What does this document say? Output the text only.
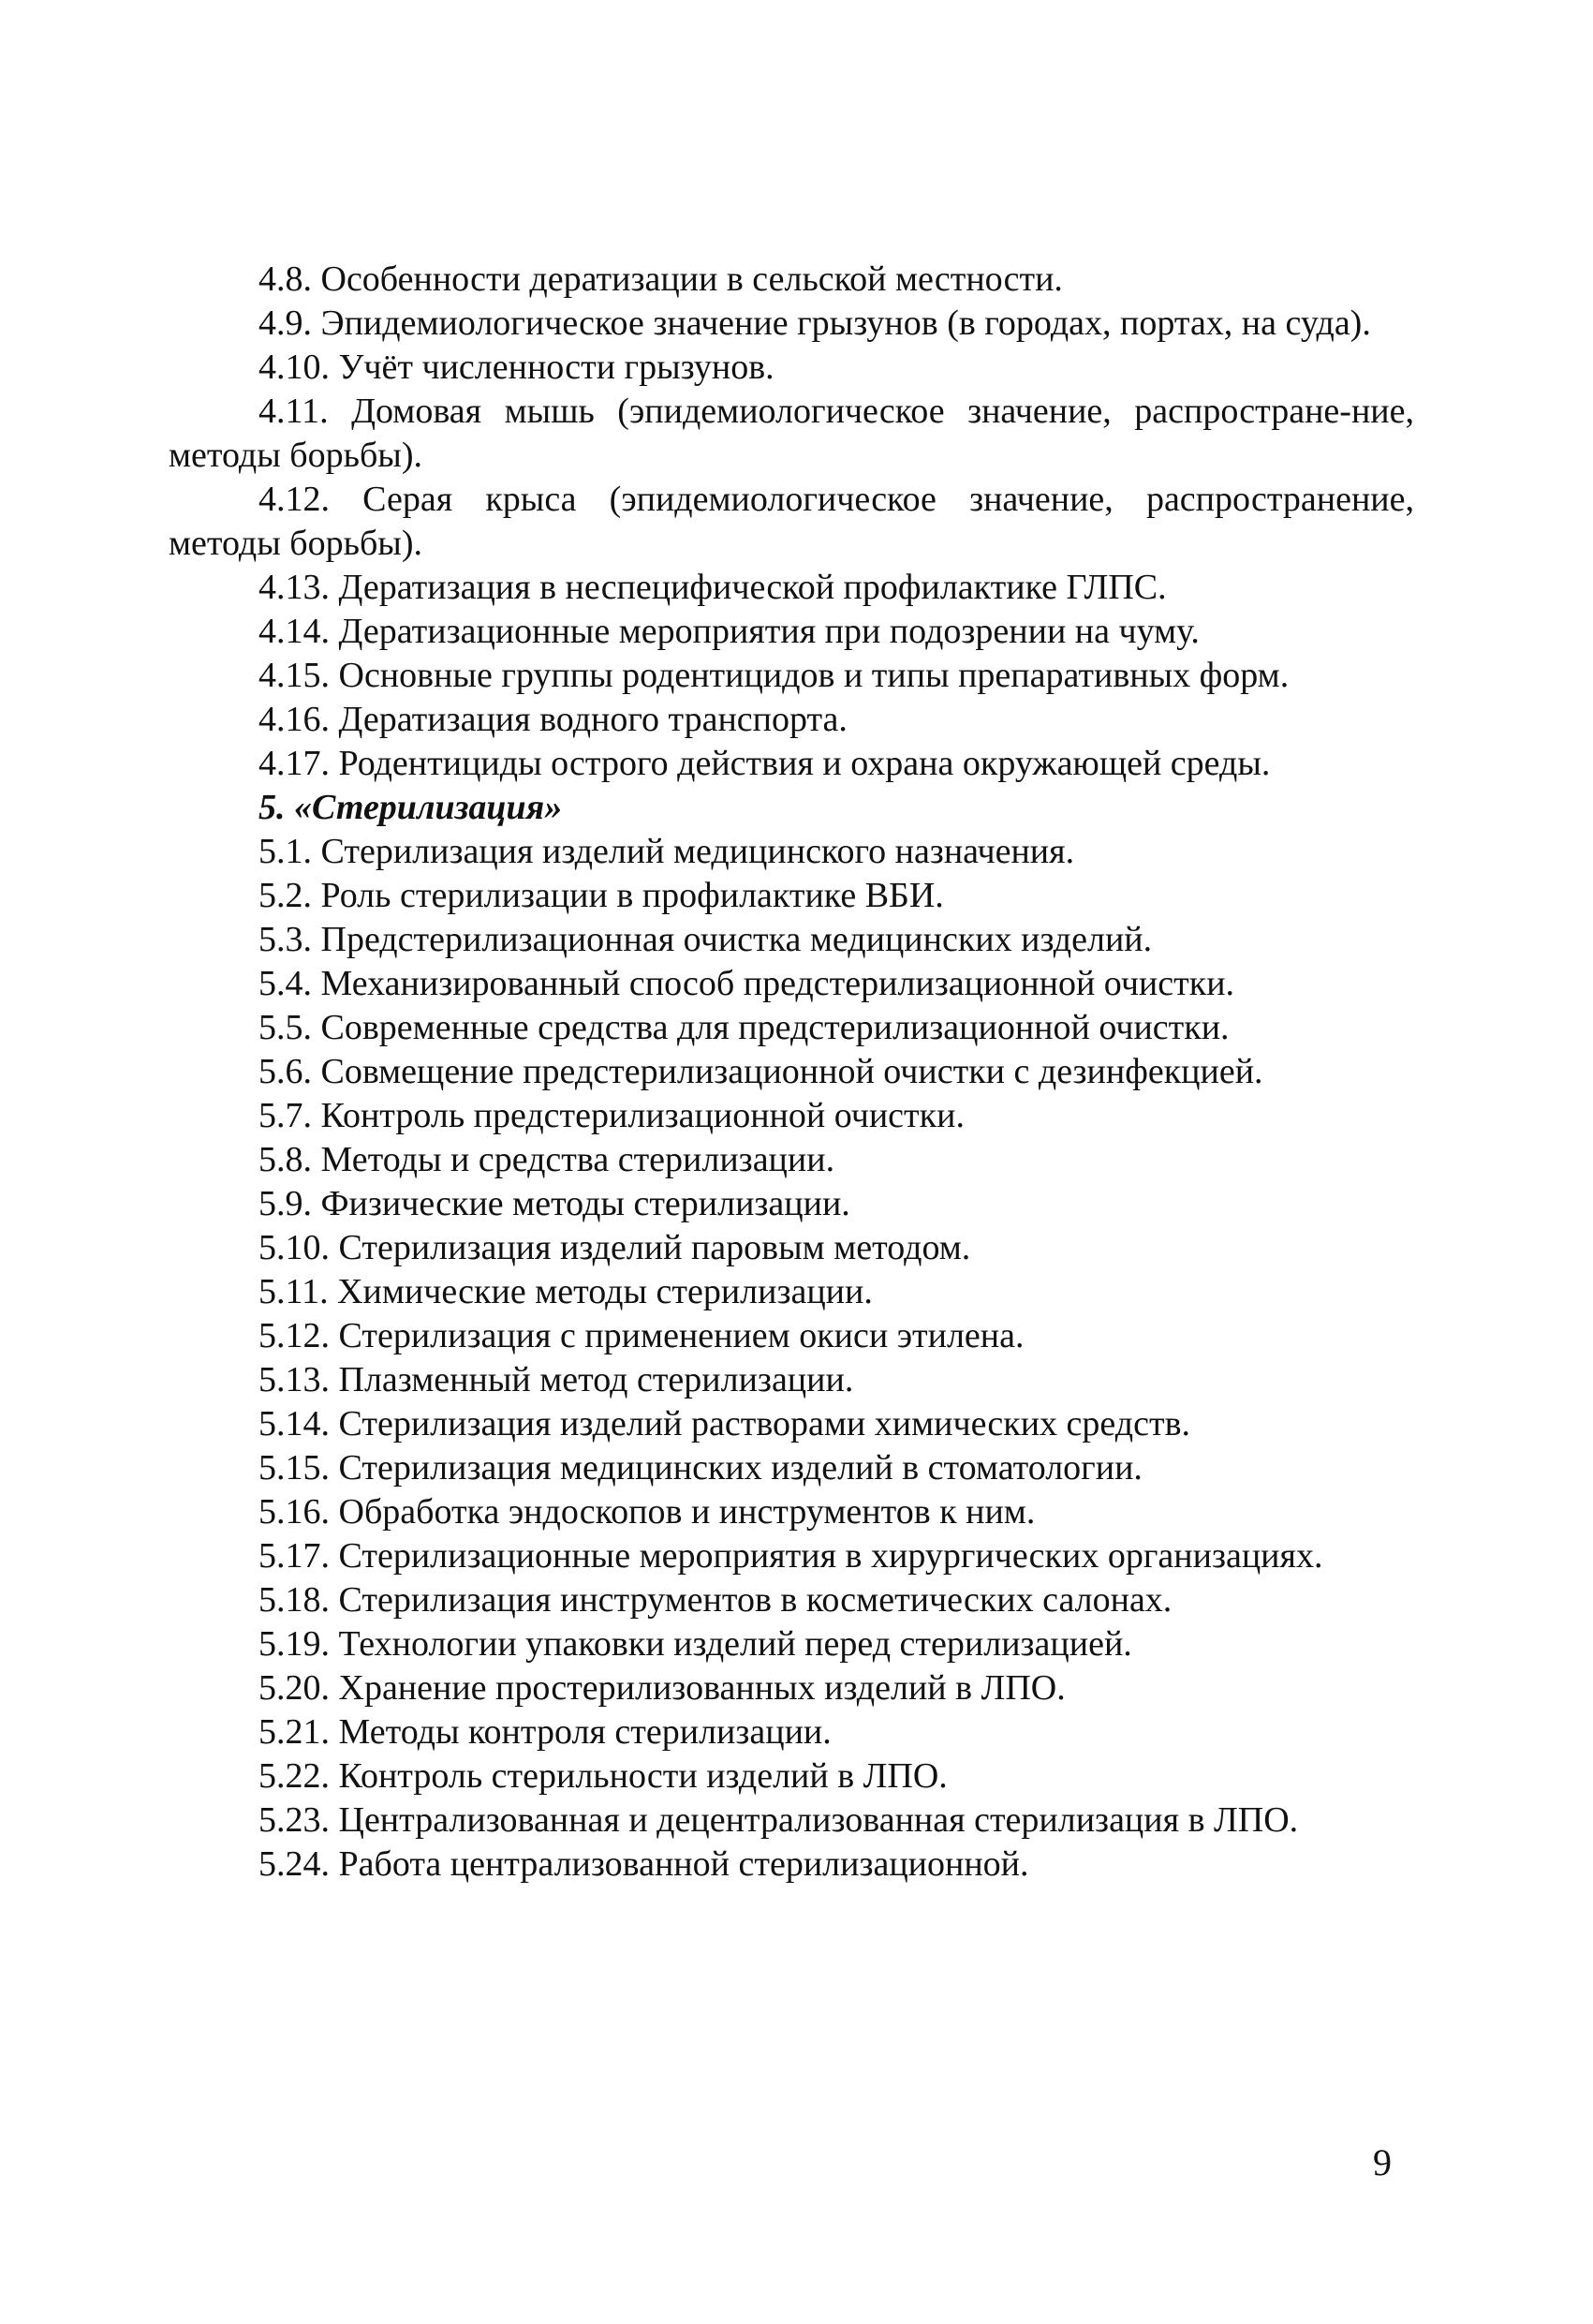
4.8. Особенности дератизации в сельской местности.

4.9. Эпидемиологическое значение грызунов (в городах, портах, на суда).

4.10. Учёт численности грызунов.

4.11. Домовая мышь (эпидемиологическое значение, распростране-ние, методы борьбы).

4.12. Серая крыса (эпидемиологическое значение, распространение, методы борьбы).

4.13. Дератизация в неспецифической профилактике ГЛПС.

4.14. Дератизационные мероприятия при подозрении на чуму.

4.15. Основные группы родентицидов и типы препаративных форм.

4.16. Дератизация водного транспорта.

4.17. Родентициды острого действия и охрана окружающей среды.

5. «Стерилизация»

5.1. Стерилизация изделий медицинского назначения.

5.2. Роль стерилизации в профилактике ВБИ.

5.3. Предстерилизационная очистка медицинских изделий.

5.4. Механизированный способ предстерилизационной очистки.

5.5. Современные средства для предстерилизационной очистки.

5.6. Совмещение предстерилизационной очистки с дезинфекцией.

5.7. Контроль предстерилизационной очистки.

5.8. Методы и средства стерилизации.

5.9. Физические методы стерилизации.

5.10. Стерилизация изделий паровым методом.

5.11. Химические методы стерилизации.

5.12. Стерилизация с применением окиси этилена.

5.13. Плазменный метод стерилизации.

5.14. Стерилизация изделий растворами химических средств.

5.15. Стерилизация медицинских изделий в стоматологии.

5.16. Обработка эндоскопов и инструментов к ним.

5.17. Стерилизационные мероприятия в хирургических организациях.

5.18. Стерилизация инструментов в косметических салонах.

5.19. Технологии упаковки изделий перед стерилизацией.

5.20. Хранение простерилизованных изделий в ЛПО.

5.21. Методы контроля стерилизации.

5.22. Контроль стерильности изделий в ЛПО.

5.23. Централизованная и децентрализованная стерилизация в ЛПО.

5.24. Работа централизованной стерилизационной.

9
